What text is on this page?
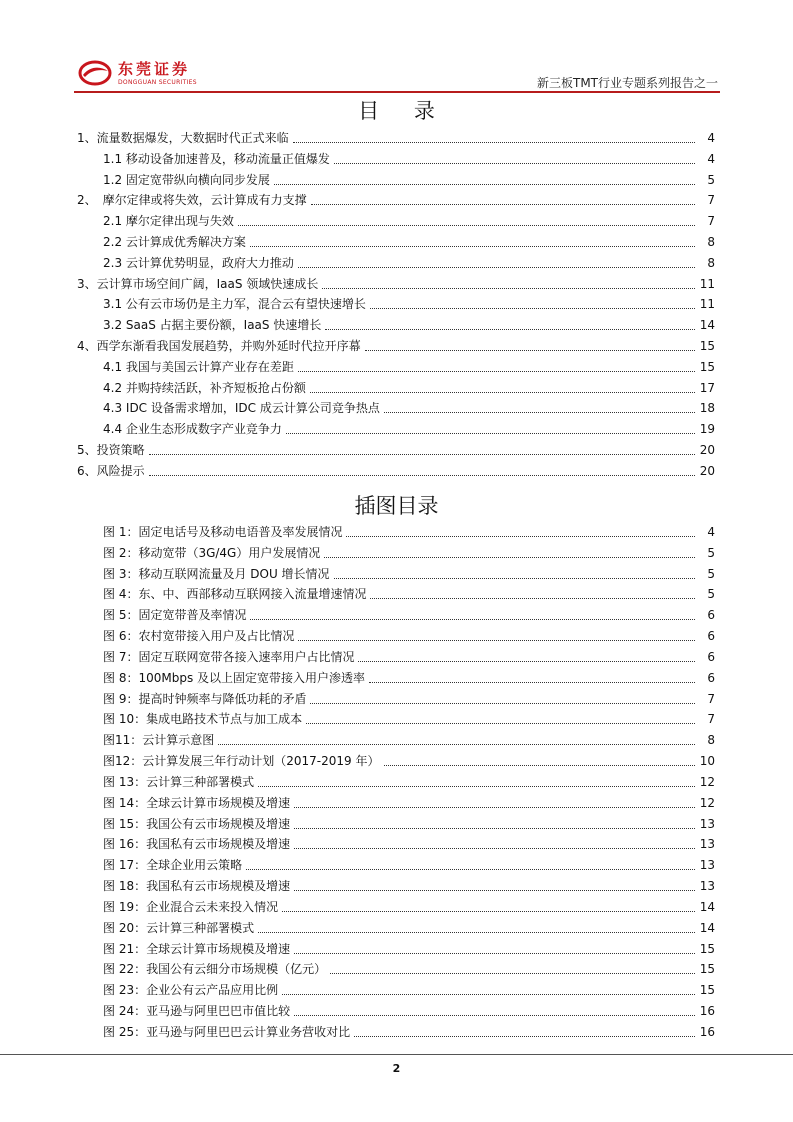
东莞证券
DONGGUAN SECURITIES	新三板TMT行业专题系列报告之一
目 录
插图目录
1、流量数据爆发，大数据时代正式来临	4
1.1 移动设备加速普及，移动流量正值爆发	4
1.2 固定宽带纵向横向同步发展	5
2、　摩尔定律或将失效，云计算成有力支撑	7
2.1 摩尔定律出现与失效	7
2.2 云计算成优秀解决方案	8
2.3 云计算优势明显，政府大力推动	8
3、云计算市场空间广阔，IaaS 领域快速成长	11
3.1 公有云市场仍是主力军，混合云有望快速增长	11
3.2 SaaS 占据主要份额，IaaS 快速增长	14
4、西学东渐看我国发展趋势，并购外延时代拉开序幕	15
4.1 我国与美国云计算产业存在差距	15
4.2 并购持续活跃，补齐短板抢占份额	17
4.3 IDC 设备需求增加，IDC 成云计算公司竞争热点	18
4.4 企业生态形成数字产业竞争力	19
5、投资策略	20
6、风险提示	20
图 1：固定电话号及移动电语普及率发展情况	4
图 2：移动宽带（3G/4G）用户发展情况	5
图 3：移动互联网流量及月 DOU 增长情况	5
图 4：东、中、西部移动互联网接入流量增速情况	5
图 5：固定宽带普及率情况	6
图 6：农村宽带接入用户及占比情况	6
图 7：固定互联网宽带各接入速率用户占比情况	6
图 8：100Mbps 及以上固定宽带接入用户渗透率	6
图 9：提高时钟频率与降低功耗的矛盾	7
图 10：集成电路技术节点与加工成本	7
图11：云计算示意图	8
图12：云计算发展三年行动计划（2017-2019 年）	10
图 13：云计算三种部署模式	12
图 14：全球云计算市场规模及增速	12
图 15：我国公有云市场规模及增速	13
图 16：我国私有云市场规模及增速	13
图 17：全球企业用云策略	13
图 18：我国私有云市场规模及增速	13
图 19：企业混合云未来投入情况	14
图 20：云计算三种部署模式	14
图 21：全球云计算市场规模及增速	15
图 22：我国公有云细分市场规模（亿元）	15
图 23：企业公有云产品应用比例	15
图 24：亚马逊与阿里巴巴市值比较	16
图 25：亚马逊与阿里巴巴云计算业务营收对比	16
2
